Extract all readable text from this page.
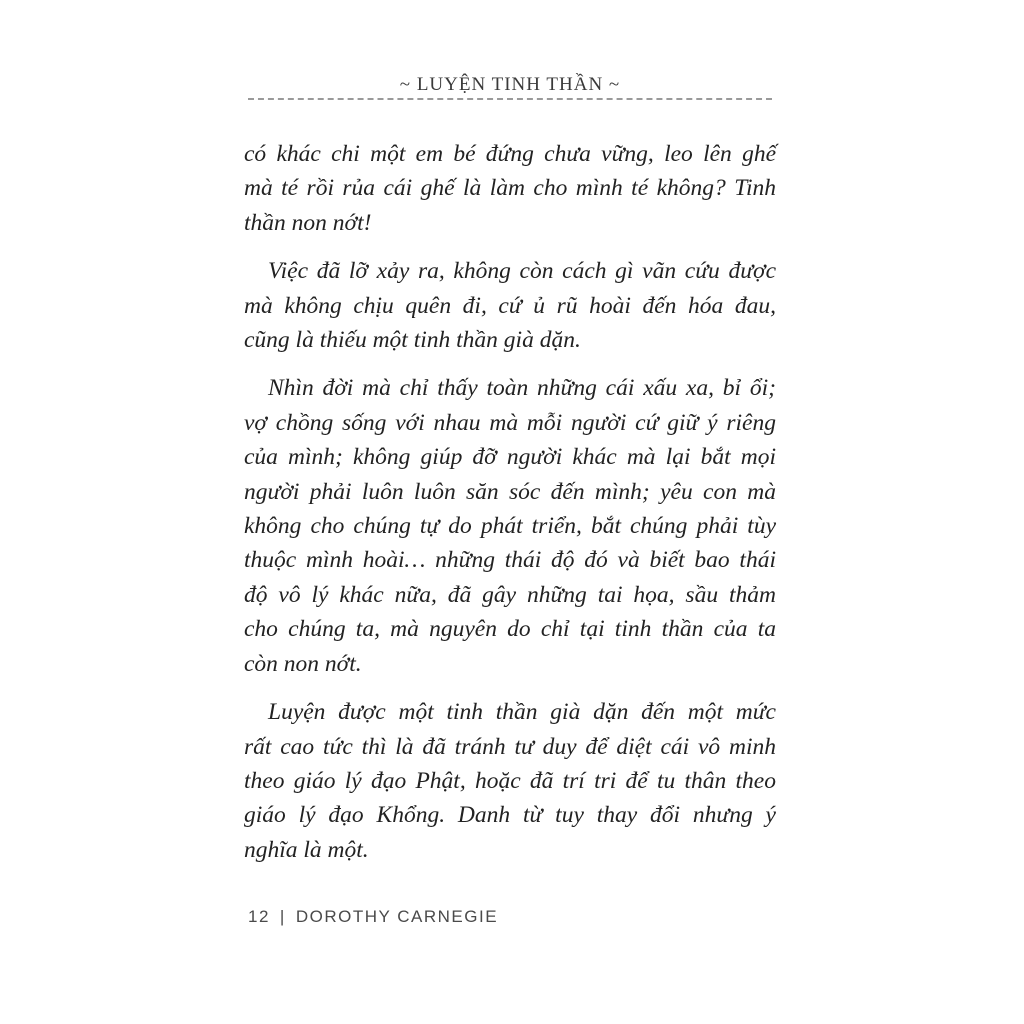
~ LUYỆN TINH THẦN ~

có khác chi một em bé đứng chưa vững, leo lên ghế
mà té rồi rủa cái ghế là làm cho mình té không? Tinh
thần non nớt!

Việc đã lỡ xảy ra, không còn cách gì vãn cứu được
mà không chịu quên đi, cứ ủ rũ hoài đến hóa đau,
cũng là thiếu một tinh thần già dặn.

Nhìn đời mà chỉ thấy toàn những cái xấu xa, bỉ ổi;
vợ chồng sống với nhau mà mỗi người cứ giữ ý riêng
của mình; không giúp đỡ người khác mà lại bắt mọi
người phải luôn luôn săn sóc đến mình; yêu con mà
không cho chúng tự do phát triển, bắt chúng phải tùy
thuộc mình hoài… những thái độ đó và biết bao thái
độ vô lý khác nữa, đã gây những tai họa, sầu thảm
cho chúng ta, mà nguyên do chỉ tại tinh thần của ta
còn non nớt.

Luyện được một tinh thần già dặn đến một mức
rất cao tức thì là đã tránh tư duy để diệt cái vô minh
theo giáo lý đạo Phật, hoặc đã trí tri để tu thân theo
giáo lý đạo Khổng. Danh từ tuy thay đổi nhưng ý
nghĩa là một.

12 | DOROTHY CARNEGIE
